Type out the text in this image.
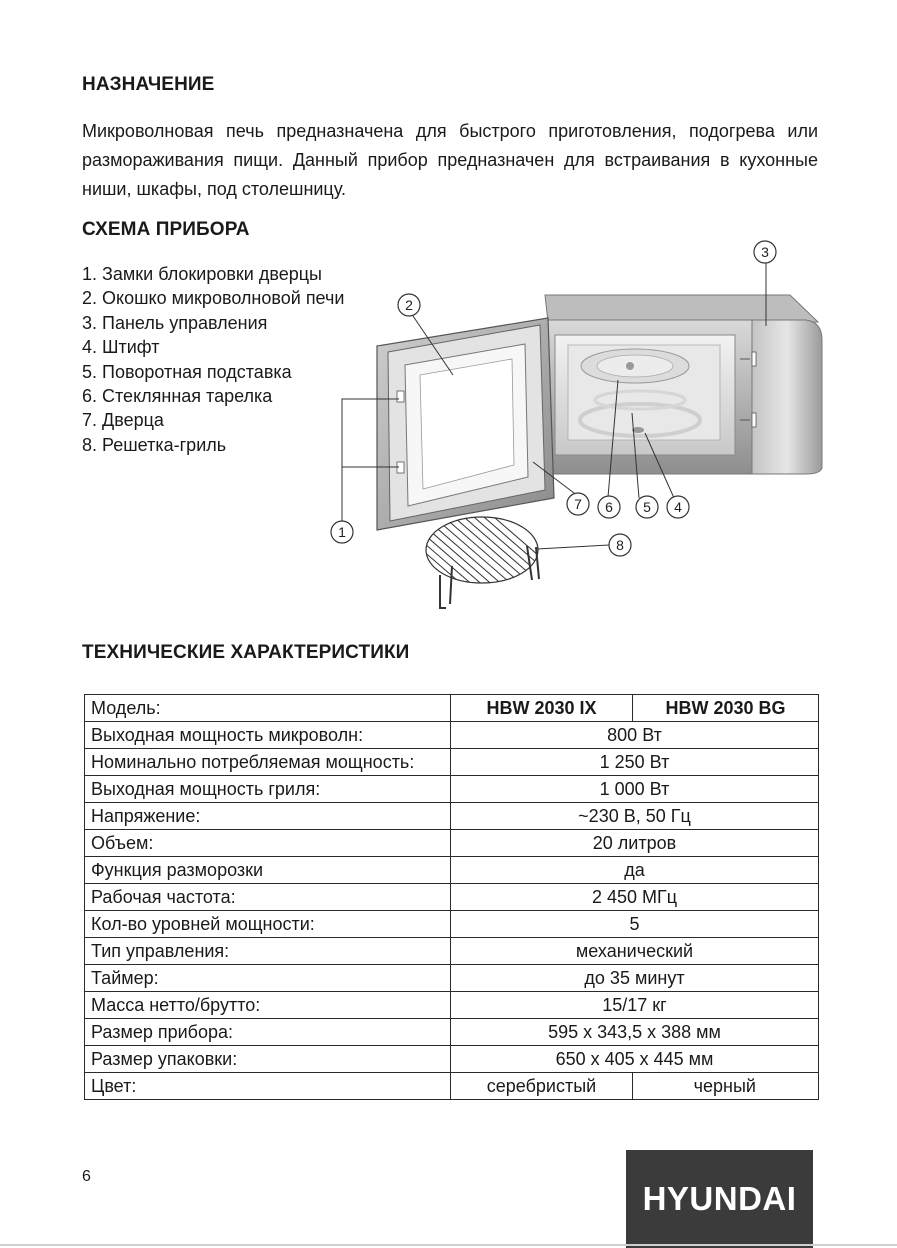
НАЗНАЧЕНИЕ
Микроволновая печь предназначена для быстрого приготовления, подогрева или размораживания пищи. Данный прибор предназначен для встраивания в кухонные ниши, шкафы, под столешницу.
СХЕМА ПРИБОРА
1. Замки блокировки дверцы
2. Окошко микроволновой печи
3. Панель управления
4. Штифт
5. Поворотная подставка
6. Стеклянная тарелка
7. Дверца
8. Решетка-гриль
1
2
3
4
5
6
7
8
ТЕХНИЧЕСКИЕ ХАРАКТЕРИСТИКИ
Модель:	HBW 2030 IX	HBW 2030 BG
Выходная мощность микроволн:	800 Вт	
Номинально потребляемая мощность:	1 250 Вт	
Выходная мощность гриля:	1 000 Вт	
Напряжение:	~230 В, 50 Гц	
Объем:	20 литров	
Функция разморозки	да	
Рабочая частота:	2 450 МГц	
Кол-во уровней мощности:	5	
Тип управления:	механический	
Таймер:	до 35 минут	
Масса нетто/брутто:	15/17 кг	
Размер прибора:	595 x 343,5 x 388 мм	
Размер упаковки:	650 x 405 x 445 мм	
Цвет:	серебристый	черный
6
HYUNDAI
